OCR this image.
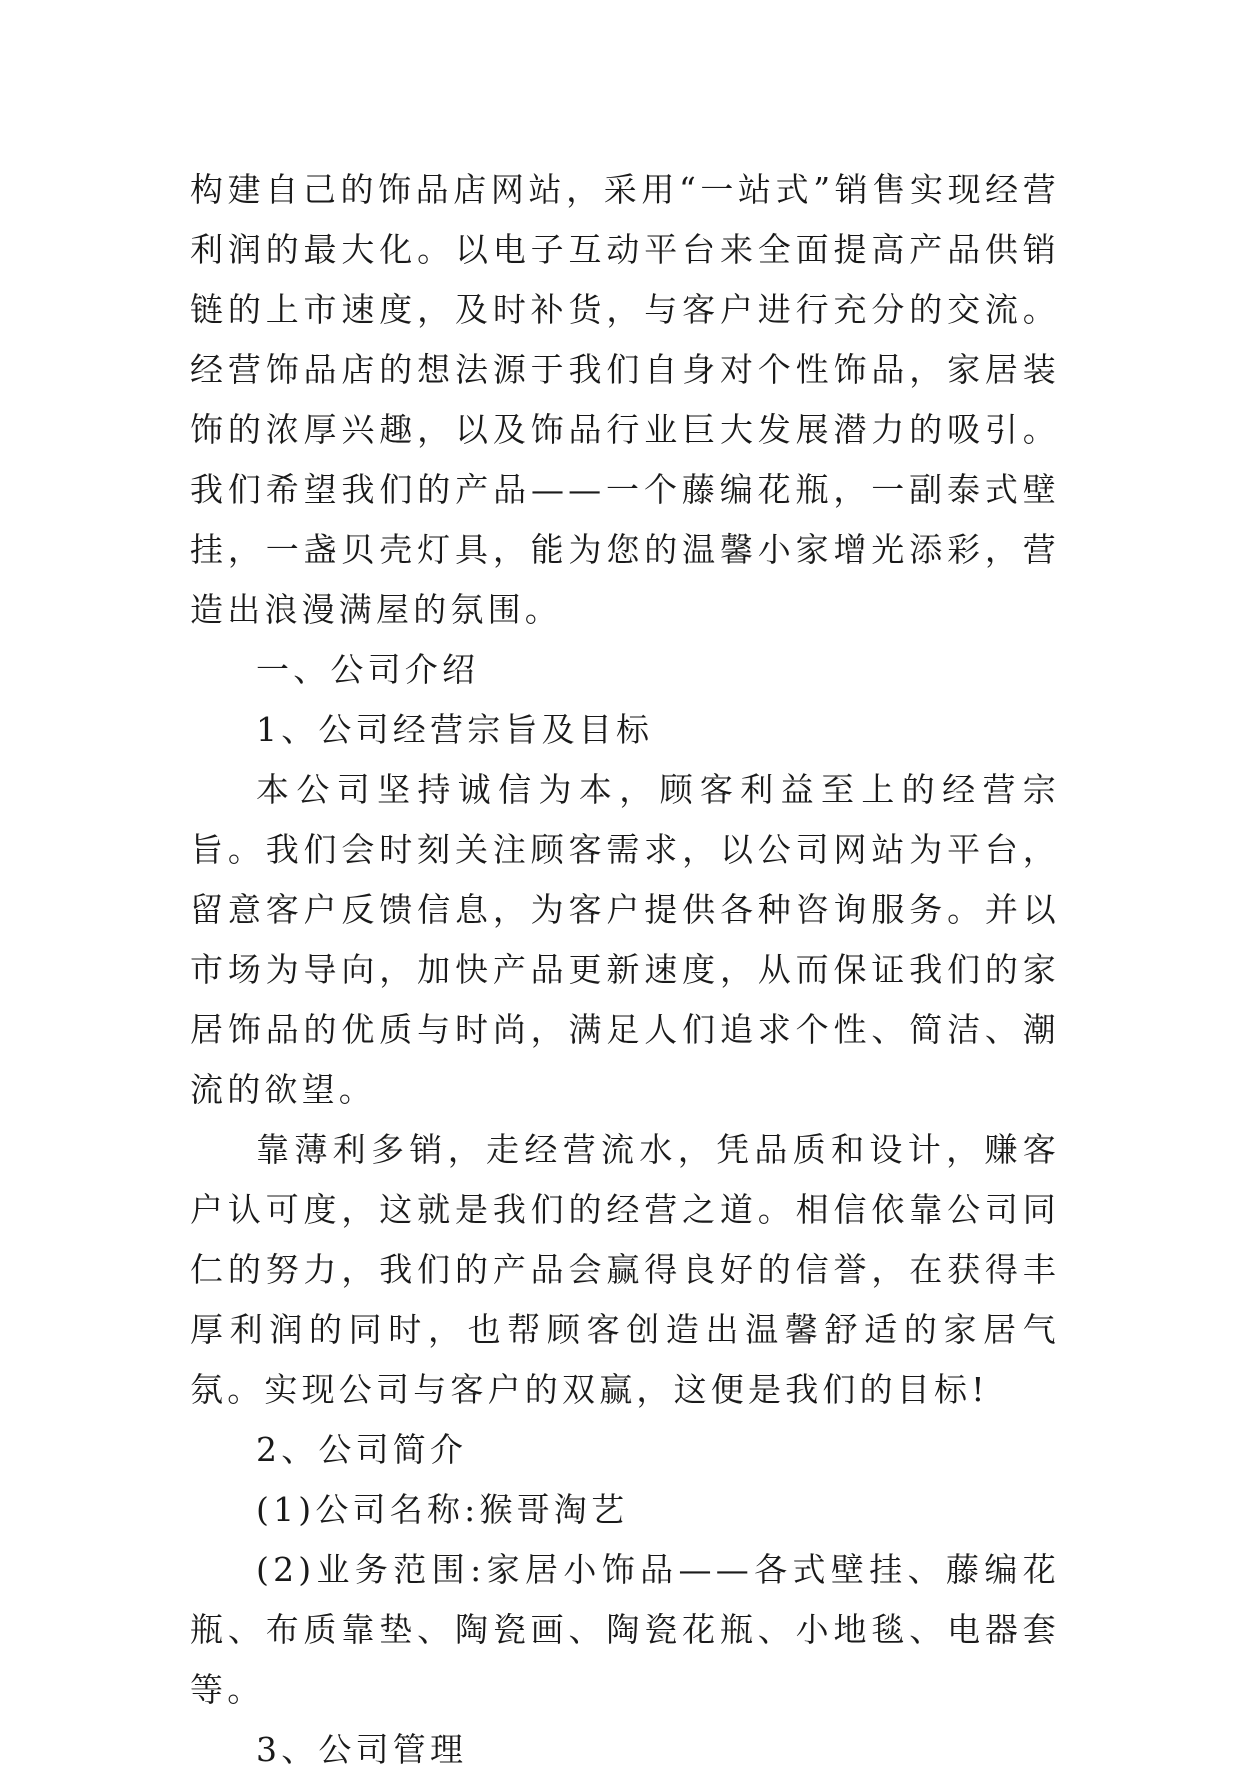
构建自己的饰品店网站，采用“一站式”销售实现经营利润的最大化。以电子互动平台来全面提高产品供销链的上市速度，及时补货，与客户进行充分的交流。经营饰品店的想法源于我们自身对个性饰品，家居装饰的浓厚兴趣，以及饰品行业巨大发展潜力的吸引。我们希望我们的产品——一个藤编花瓶，一副泰式壁挂，一盏贝壳灯具，能为您的温馨小家增光添彩，营造出浪漫满屋的氛围。

一、公司介绍

1、公司经营宗旨及目标

本公司坚持诚信为本，顾客利益至上的经营宗旨。我们会时刻关注顾客需求，以公司网站为平台，留意客户反馈信息，为客户提供各种咨询服务。并以市场为导向，加快产品更新速度，从而保证我们的家居饰品的优质与时尚，满足人们追求个性、简洁、潮流的欲望。

靠薄利多销，走经营流水，凭品质和设计，赚客户认可度，这就是我们的经营之道。相信依靠公司同仁的努力，我们的产品会赢得良好的信誉，在获得丰厚利润的同时，也帮顾客创造出温馨舒适的家居气氛。实现公司与客户的双赢，这便是我们的目标!

2、公司简介

(1)公司名称:猴哥淘艺

(2)业务范围:家居小饰品——各式壁挂、藤编花瓶、布质靠垫、陶瓷画、陶瓷花瓶、小地毯、电器套等。

3、公司管理
